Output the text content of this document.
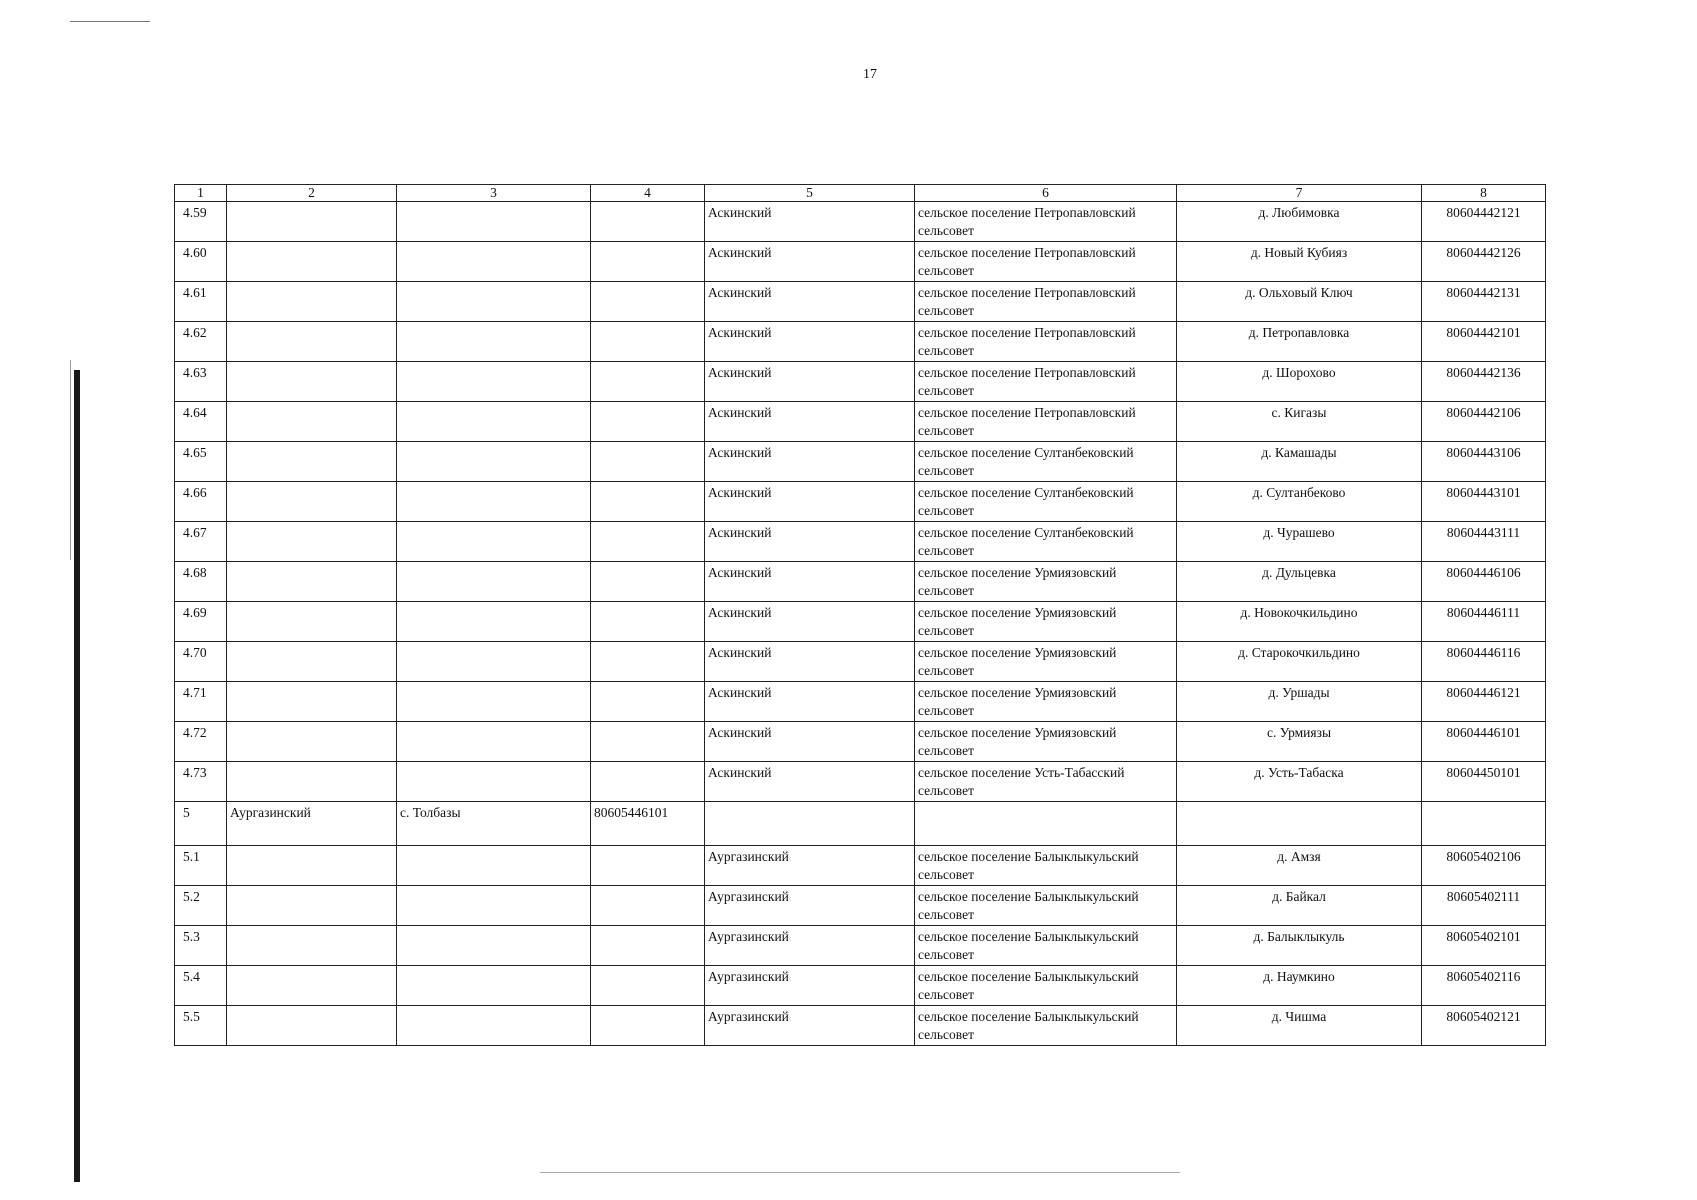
17
1	2	3	4	5	6	7	8
4.59				Аскинский	сельское поселение Петропавловский сельсовет	д. Любимовка	80604442121
4.60				Аскинский	сельское поселение Петропавловский сельсовет	д. Новый Кубияз	80604442126
4.61				Аскинский	сельское поселение Петропавловский сельсовет	д. Ольховый Ключ	80604442131
4.62				Аскинский	сельское поселение Петропавловский сельсовет	д. Петропавловка	80604442101
4.63				Аскинский	сельское поселение Петропавловский сельсовет	д. Шорохово	80604442136
4.64				Аскинский	сельское поселение Петропавловский сельсовет	с. Кигазы	80604442106
4.65				Аскинский	сельское поселение Султанбековский сельсовет	д. Камашады	80604443106
4.66				Аскинский	сельское поселение Султанбековский сельсовет	д. Султанбеково	80604443101
4.67				Аскинский	сельское поселение Султанбековский сельсовет	д. Чурашево	80604443111
4.68				Аскинский	сельское поселение Урмиязовский сельсовет	д. Дульцевка	80604446106
4.69				Аскинский	сельское поселение Урмиязовский сельсовет	д. Новокочкильдино	80604446111
4.70				Аскинский	сельское поселение Урмиязовский сельсовет	д. Старокочкильдино	80604446116
4.71				Аскинский	сельское поселение Урмиязовский сельсовет	д. Уршады	80604446121
4.72				Аскинский	сельское поселение Урмиязовский сельсовет	с. Урмиязы	80604446101
4.73				Аскинский	сельское поселение Усть-Табасский сельсовет	д. Усть-Табаска	80604450101
5	Аургазинский	с. Толбазы	80605446101				
5.1				Аургазинский	сельское поселение Балыклыкульский сельсовет	д. Амзя	80605402106
5.2				Аургазинский	сельское поселение Балыклыкульский сельсовет	д. Байкал	80605402111
5.3				Аургазинский	сельское поселение Балыклыкульский сельсовет	д. Балыклыкуль	80605402101
5.4				Аургазинский	сельское поселение Балыклыкульский сельсовет	д. Наумкино	80605402116
5.5				Аургазинский	сельское поселение Балыклыкульский сельсовет	д. Чишма	80605402121
